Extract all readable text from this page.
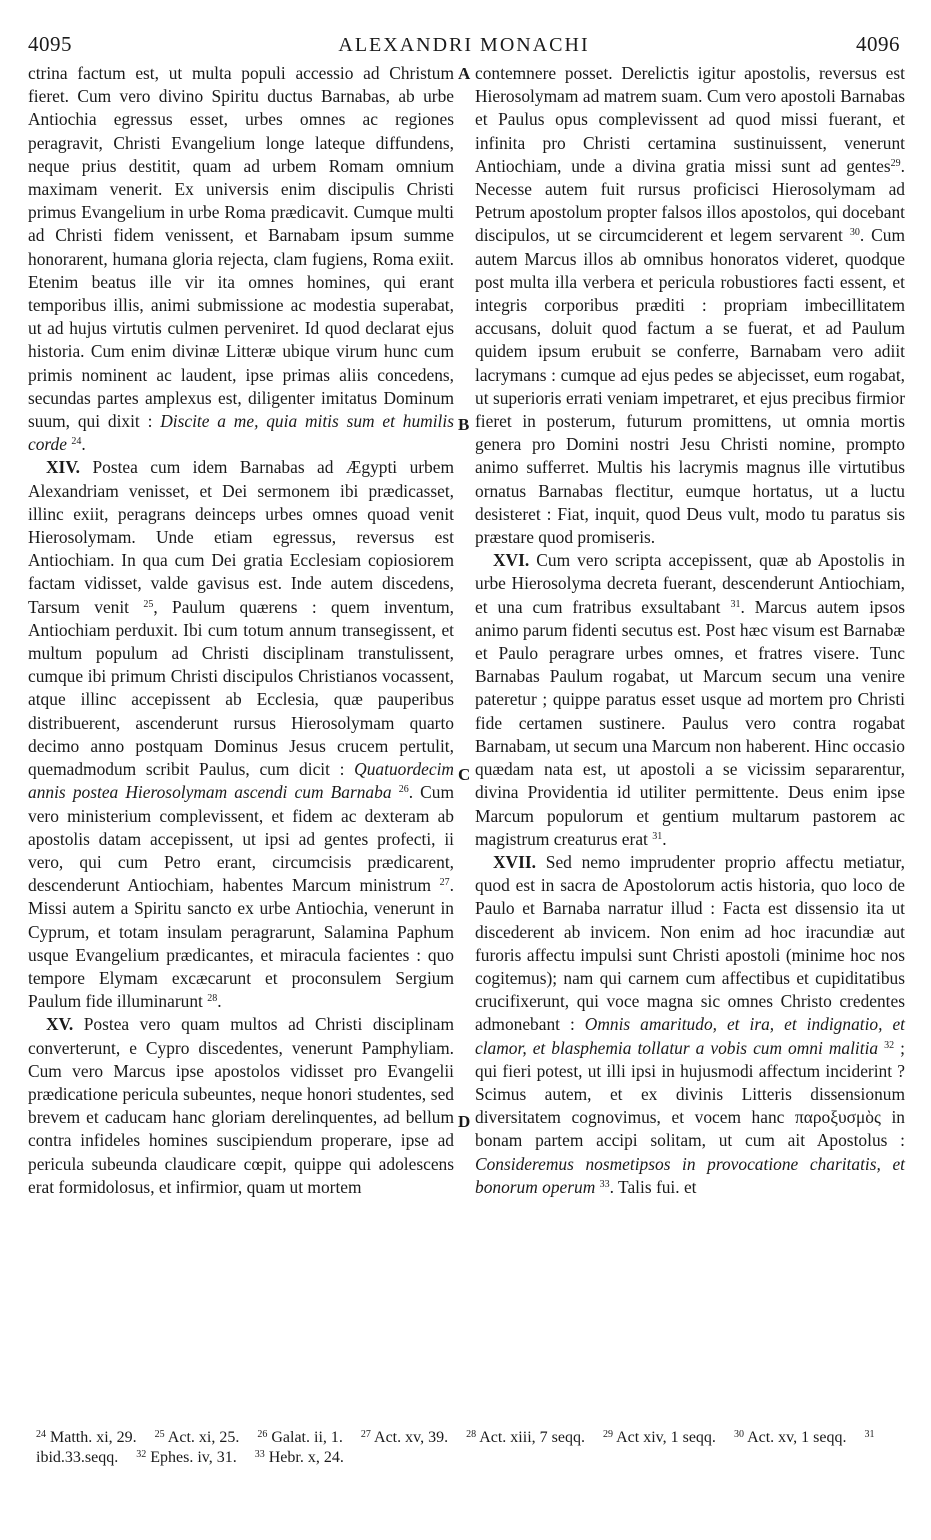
4095	ALEXANDRI MONACHI	4096

ctrina factum est, ut multa populi accessio ad Christum fieret. Cum vero divino Spiritu ductus Barnabas, ab urbe Antiochia egressus esset, urbes omnes ac regiones peragravit, Christi Evangelium longe lateque diffundens, neque prius destitit, quam ad urbem Romam omnium maximam venerit. Ex universis enim discipulis Christi primus Evangelium in urbe Roma prædicavit. Cumque multi ad Christi fidem venissent, et Barnabam ipsum summe honorarent, humana gloria rejecta, clam fugiens, Roma exiit. Etenim beatus ille vir ita omnes homines, qui erant temporibus illis, animi submissione ac modestia superabat, ut ad hujus virtutis culmen perveniret. Id quod declarat ejus historia. Cum enim divinæ Litteræ ubique virum hunc cum primis nominent ac laudent, ipse primas aliis concedens, secundas partes amplexus est, diligenter imitatus Dominum suum, qui dixit : Discite a me, quia mitis sum et humilis corde $^{24}$.

XIV. Postea cum idem Barnabas ad Ægypti urbem Alexandriam venisset, et Dei sermonem ibi prædicasset, illinc exiit, peragrans deinceps urbes omnes quoad venit Hierosolymam. Unde etiam egressus, reversus est Antiochiam. In qua cum Dei gratia Ecclesiam copiosiorem factam vidisset, valde gavisus est. Inde autem discedens, Tarsum venit $^{25}$, Paulum quærens : quem inventum, Antiochiam perduxit. Ibi cum totum annum transegissent, et multum populum ad Christi disciplinam transtulissent, cumque ibi primum Christi discipulos Christianos vocassent, atque illinc accepissent ab Ecclesia, quæ pauperibus distribuerent, ascenderunt rursus Hierosolymam quarto decimo anno postquam Dominus Jesus crucem pertulit, quemadmodum scribit Paulus, cum dicit : Quatuordecim annis postea Hierosolymam ascendi cum Barnaba $^{26}$. Cum vero ministerium complevissent, et fidem ac dexteram ab apostolis datam accepissent, ut ipsi ad gentes profecti, ii vero, qui cum Petro erant, circumcisis prædicarent, descenderunt Antiochiam, habentes Marcum ministrum $^{27}$. Missi autem a Spiritu sancto ex urbe Antiochia, venerunt in Cyprum, et totam insulam peragrarunt, Salamina Paphum usque Evangelium prædicantes, et miracula facientes : quo tempore Elymam excæcarunt et proconsulem Sergium Paulum fide illuminarunt $^{28}$.

XV. Postea vero quam multos ad Christi disciplinam converterunt, e Cypro discedentes, venerunt Pamphyliam. Cum vero Marcus ipse apostolos vidisset pro Evangelii prædicatione pericula subeuntes, neque honori studentes, sed brevem et caducam hanc gloriam derelinquentes, ad bellum contra infideles homines suscipiendum properare, ipse ad pericula subeunda claudicare cœpit, quippe qui adolescens erat formidolosus, et infirmior, quam ut mortem

A
B
C
D

contemnere posset. Derelictis igitur apostolis, reversus est Hierosolymam ad matrem suam. Cum vero apostoli Barnabas et Paulus opus complevissent ad quod missi fuerant, et infinita pro Christi certamina sustinuissent, venerunt Antiochiam, unde a divina gratia missi sunt ad gentes$^{29}$. Necesse autem fuit rursus proficisci Hierosolymam ad Petrum apostolum propter falsos illos apostolos, qui docebant discipulos, ut se circumciderent et legem servarent $^{30}$. Cum autem Marcus illos ab omnibus honoratos videret, quodque post multa illa verbera et pericula robustiores facti essent, et integris corporibus præditi : propriam imbecillitatem accusans, doluit quod factum a se fuerat, et ad Paulum quidem ipsum erubuit se conferre, Barnabam vero adiit lacrymans : cumque ad ejus pedes se abjecisset, eum rogabat, ut superioris errati veniam impetraret, et ejus precibus firmior fieret in posterum, futurum promittens, ut omnia mortis genera pro Domini nostri Jesu Christi nomine, prompto animo sufferret. Multis his lacrymis magnus ille virtutibus ornatus Barnabas flectitur, eumque hortatus, ut a luctu desisteret : Fiat, inquit, quod Deus vult, modo tu paratus sis præstare quod promiseris.

XVI. Cum vero scripta accepissent, quæ ab Apostolis in urbe Hierosolyma decreta fuerant, descenderunt Antiochiam, et una cum fratribus exsultabant $^{31}$. Marcus autem ipsos animo parum fidenti secutus est. Post hæc visum est Barnabæ et Paulo peragrare urbes omnes, et fratres visere. Tunc Barnabas Paulum rogabat, ut Marcum secum una venire pateretur ; quippe paratus esset usque ad mortem pro Christi fide certamen sustinere. Paulus vero contra rogabat Barnabam, ut secum una Marcum non haberent. Hinc occasio quædam nata est, ut apostoli a se vicissim separarentur, divina Providentia id utiliter permittente. Deus enim ipse Marcum populorum et gentium multarum pastorem ac magistrum creaturus erat $^{31}$.

XVII. Sed nemo imprudenter proprio affectu metiatur, quod est in sacra de Apostolorum actis historia, quo loco de Paulo et Barnaba narratur illud : Facta est dissensio ita ut discederent ab invicem. Non enim ad hoc iracundiæ aut furoris affectu impulsi sunt Christi apostoli (minime hoc nos cogitemus); nam qui carnem cum affectibus et cupiditatibus crucifixerunt, qui voce magna sic omnes Christo credentes admonebant : Omnis amaritudo, et ira, et indignatio, et clamor, et blasphemia tollatur a vobis cum omni malitia $^{32}$ ; qui fieri potest, ut illi ipsi in hujusmodi affectum inciderint ? Scimus autem, et ex divinis Litteris dissensionum diversitatem cognovimus, et vocem hanc παροξυσμὸς in bonam partem accipi solitam, ut cum ait Apostolus : Consideremus nosmetipsos in provocatione charitatis, et bonorum operum $^{33}$. Talis fui. et

$^{24}$ Matth. xi, 29. $^{25}$ Act. xi, 25. $^{26}$ Galat. ii, 1. $^{27}$ Act. xv, 39. $^{28}$ Act. xiii, 7 seqq. $^{29}$ Act xiv, 1 seqq. $^{30}$ Act. xv, 1 seqq. $^{31}$ ibid.33.seqq. $^{32}$ Ephes. iv, 31. $^{33}$ Hebr. x, 24.
